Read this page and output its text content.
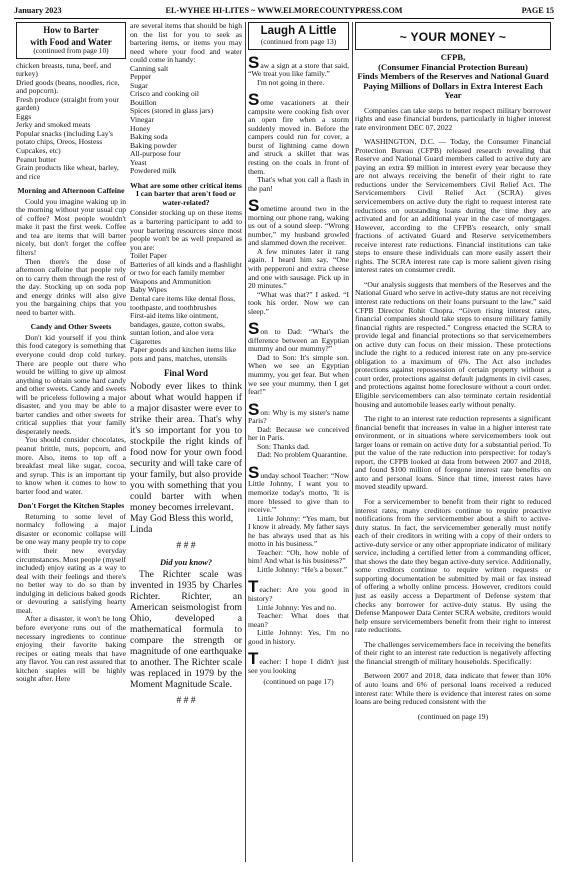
January 2023	EL-WYHEE HI-LITES ~ WWW.ELMORECOUNTYPRESS.COM	PAGE 15
How to Barter
with Food and Water
(continued from page 10)

chicken breasts, tuna, beef, and turkey)

Dried goods (beans, noodles, rice, and popcorn).
Fresh produce (straight from your garden)
Eggs
Jerky and smoked meats
Popular snacks (including Lay's potato chips, Oreos, Hostess Cupcakes, etc)
Peanut butter
Grain products like wheat, barley, and rice
Morning and Afternoon Caffeine

Could you imagine waking up in the morning without your usual cup of coffee? Most people wouldn't make it past the first week. Coffee and tea are items that will barter nicely, but don't forget the coffee filters!

Then there's the dose of afternoon caffeine that people rely on to carry them through the rest of the day. Stocking up on soda pop and energy drinks will also give you the bargaining chips that you need to barter with.

Candy and Other Sweets

Don't kid yourself if you think this food category is something that everyone could drop cold turkey. There are people out there who would be willing to give up almost anything to obtain some hard candy and other sweets. Candy and sweets will be priceless following a major disaster, and you may be able to barter candies and other sweets for critical supplies that your family desperately needs.

You should consider chocolates, peanut brittle, nuts, popcorn, and more. Also, items to top off a breakfast meal like sugar, cocoa, and syrup. This is an important tip to know when it comes to how to barter food and water.

Don't Forget the Kitchen Staples

Returning to some level of normalcy following a major disaster or economic collapse will be one way many people try to cope with their new everyday circumstances. Most people (myself included) enjoy eating as a way to deal with their feelings and there's no better way to do so than by indulging in delicious baked goods or devouring a satisfying hearty meal.

After a disaster, it won't be long before everyone runs out of the necessary ingredients to continue enjoying their favorite baking recipes or eating meals that have any flavor. You can rest assured that kitchen staples will be highly sought after. Here

are several items that should be high on the list for you to seek as bartering items, or items you may need where your food and water could come in handy:

Canning salt
Pepper
Sugar
Crisco and cooking oil
Bouillon
Spices (stored in glass jars)
Vinegar
Honey
Baking soda
Baking powder
All-purpose four
Yeast
Powdered milk
What are some other critical items I can barter that aren't food or water-related?

Consider stocking up on these items as a bartering participant to add to your bartering resources since most people won't be as well prepared as you are:

Toilet Paper
Batteries of all kinds and a flashlight or two for each family member
Weapons and Ammunition
Baby Wipes
Dental care items like dental floss, toothpaste, and toothbrushes
First-aid items like ointment, bandages, gauze, cotton swabs, suntan lotion, and aloe vera
Cigarettes
Paper goods and kitchen items like pots and pans, matches, utensils
Final Word

Nobody ever likes to think about what would happen if a major disaster were ever to strike their area. That's why it's so important for you to stockpile the right kinds of food now for your own food security and will take care of your family, but also provide you with something that you could barter with when money becomes irrelevant.

May God Bless this world, Linda

# # #

Did you know?

The Richter scale was invented in 1935 by Charles Richter. Richter, an American seismologist from Ohio, developed a mathematical formula to compare the strength or magnitude of one earthquake to another. The Richter scale was replaced in 1979 by the Moment Magnitude Scale.

# # #

Laugh A Little
(continued from page 13)

Saw a sign at a store that said, “We treat you like family.”

I'm not going in there.

Some vacationers at their campsite were cooking fish over an open fire when a storm suddenly moved in. Before the campers could run for cover, a burst of lightning came down and struck a skillet that was resting on the coals in front of them.

That's what you call a flash in the pan!

Sometime around two in the morning our phone rang, waking us out of a sound sleep. “Wrong number,” my husband growled and slammed down the receiver.

A few minutes later it rang again. I heard him say, “One with pepperoni and extra cheese and one with sausage. Pick up in 20 minutes.”

“What was that?” I asked. “I took his order. Now we can sleep.”

Son to Dad: “What's the difference between an Egyptian mummy and our mummy?”

Dad to Son: It's simple son. When we see an Egyptian mummy, you get fear. But when we see your mummy, then I get fear!”

Son: Why is my sister's name Paris?

Dad: Because we conceived her in Paris.

Son: Thanks dad.

Dad: No problem Quarantine.

Sunday school Teacher: “Now Little Johnny, I want you to memorize today's motto, 'It is more blessed to give than to receive.'”

Little Johnny: “Yes mam, but I know it already. My father says he has always used that as his motto in his business.”

Teacher: “Oh, how noble of him! And what is his business?”

Little Johnny: “He's a boxer.”

Teacher: Are you good in history?

Little Johnny: Yes and no.

Teacher: What does that mean?

Little Johnny: Yes, I'm no good in history.

Teacher: I hope I didn't just see you looking

(continued on page 17)

~ YOUR MONEY ~
CFPB,
(Consumer Financial Protection Bureau)
Finds Members of the Reserves and National Guard
Paying Millions of Dollars in Extra Interest Each Year

Companies can take steps to better respect military borrower rights and ease financial burdens, particularly in higher interest rate environment DEC 07, 2022

WASHINGTON, D.C. — Today, the Consumer Financial Protection Bureau (CFPB) released research revealing that Reserve and National Guard members called to active duty are paying an extra $9 million in interest every year because they are not always receiving the benefit of their right to rate reductions under the Servicemembers Civil Relief Act. The Servicemembers Civil Relief Act (SCRA) gives servicemembers on active duty the right to request interest rate reductions on outstanding loans during the time they are activated and for an additional year in the case of mortgages. However, according to the CFPB's research, only small fractions of activated Guard and Reserve servicemembers receive interest rate reductions. Financial institutions can take steps to ensure these individuals can more easily assert their rights. The SCRA interest rate cap is more salient given rising interest rates on consumer credit.

“Our analysis suggests that members of the Reserves and the National Guard who serve in active-duty status are not receiving interest rate reductions on their loans pursuant to the law,” said CFPB Director Rohit Chopra. “Given rising interest rates, financial companies should take steps to ensure military family financial rights are respected.” Congress enacted the SCRA to provide legal and financial protections so that servicemembers on active duty can focus on their mission. These protections include the right to a reduced interest rate on any pre-service obligation to a maximum of 6%. The Act also includes protections against repossession of certain property without a court order, protections against default judgments in civil cases, and protections against home foreclosure without a court order. Eligible servicemembers can also terminate certain residential housing and automobile leases early without penalty.

The right to an interest rate reduction represents a significant financial benefit that increases in value in a higher interest rate environment, or in situations where servicemembers took out larger loans or remain on active duty for a substantial period. To put the value of the rate reduction into perspective: for today's report, the CFPB looked at data from between 2007 and 2018, and found $100 million of foregone interest rate benefits on auto and personal loans. Since that time, interest rates have moved steadily upward.

For a servicemember to benefit from their right to reduced interest rates, many creditors continue to require proactive notifications from the servicemember about a shift to active-duty status. In fact, the servicemember generally must notify each of their creditors in writing with a copy of their orders to active-duty service or any other appropriate indicator of military service, including a certified letter from a commanding officer, that shows the date they began active-duty service. Additionally, some creditors continue to require written requests or supporting documentation be submitted by mail or fax instead of offering a wholly online process. However, creditors could just as easily access a Department of Defense system that checks any borrower for active-duty status. By using the Defense Manpower Data Center SCRA website, creditors would help ensure servicemembers benefit from their right to interest rate reductions.

The challenges servicemembers face in receiving the benefits of their right to an interest rate reduction is negatively affecting the financial strength of military households. Specifically:

Between 2007 and 2018, data indicate that fewer than 10% of auto loans and 6% of personal loans received a reduced interest rate: While there is evidence that interest rates on some loans are being reduced consistent with the

(continued on page 19)
